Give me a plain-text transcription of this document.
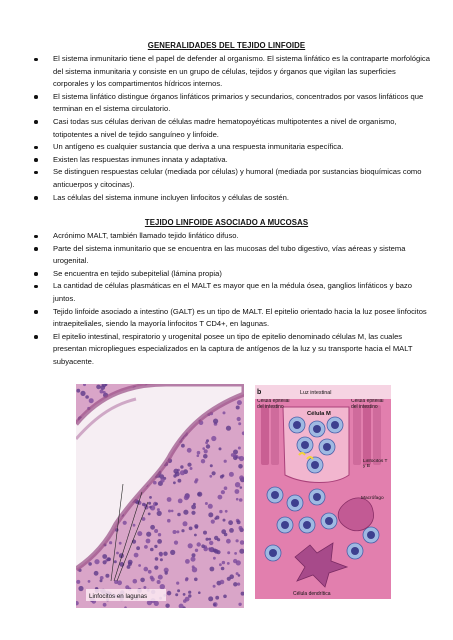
GENERALIDADES DEL TEJIDO LINFOIDE
El sistema inmunitario tiene el papel de defender al organismo. El sistema linfático es la contraparte morfológica del sistema inmunitaria y consiste en un grupo de células, tejidos y órganos que vigilan las superficies corporales y los compartimentos hídricos internos.
El sistema linfático distingue órganos linfáticos primarios y secundarios, concentrados por vasos linfáticos que terminan en el sistema circulatorio.
Casi todas sus células derivan de células madre hematopoyéticas multipotentes a nivel de organismo, totipotentes a nivel de tejido sanguíneo y linfoide.
Un antígeno es cualquier sustancia que deriva a una respuesta inmunitaria específica.
Existen las respuestas inmunes innata y adaptativa.
Se distinguen respuestas celular (mediada por células) y humoral (mediada por sustancias bioquímicas como anticuerpos y citocinas).
Las células del sistema inmune incluyen linfocitos y células de sostén.
TEJIDO LINFOIDE ASOCIADO A MUCOSAS
Acrónimo MALT, también llamado tejido linfático difuso.
Parte del sistema inmunitario que se encuentra en las mucosas del tubo digestivo, vías aéreas y sistema urogenital.
Se encuentra en tejido subepitelial (lámina propia)
La cantidad de células plasmáticas en el MALT es mayor que en la médula ósea, ganglios linfáticos y bazo juntos.
Tejido linfoide asociado a intestino (GALT) es un tipo de MALT. El epitelio orientado hacia la luz posee linfocitos intraepiteliales, siendo la mayoría linfocitos T CD4+, en lagunas.
El epitelio intestinal, respiratorio y urogenital posee un tipo de epitelio denominado células M, las cuales presentan micropliegues especializados en la captura de antígenos de la luz y su transporte hacia el MALT subyacente.
Linfocitos en lagunas
b	Luz intestinal
Célula M
Célula epitelial del intestino
Célula epitelial del intestino
Linfocitos T y B
Macrófago
Célula dendrítica
